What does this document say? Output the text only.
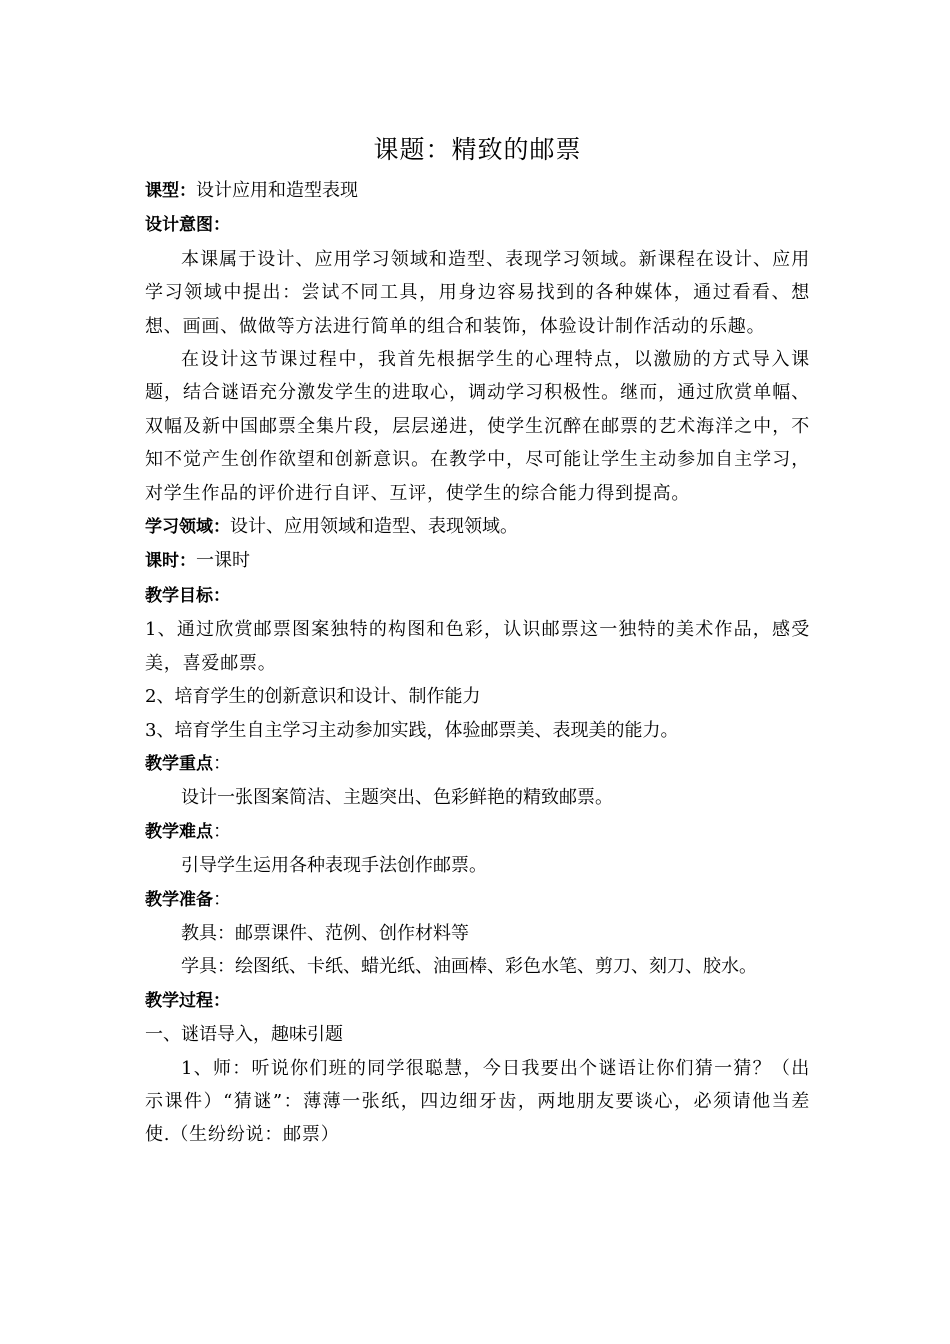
课题：精致的邮票
课型：设计应用和造型表现
设计意图：
本课属于设计、应用学习领域和造型、表现学习领域。新课程在设计、应用学习领域中提出：尝试不同工具，用身边容易找到的各种媒体，通过看看、想想、画画、做做等方法进行简单的组合和装饰，体验设计制作活动的乐趣。
在设计这节课过程中，我首先根据学生的心理特点，以激励的方式导入课题，结合谜语充分激发学生的进取心，调动学习积极性。继而，通过欣赏单幅、双幅及新中国邮票全集片段，层层递进，使学生沉醉在邮票的艺术海洋之中，不知不觉产生创作欲望和创新意识。在教学中，尽可能让学生主动参加自主学习，对学生作品的评价进行自评、互评，使学生的综合能力得到提高。
学习领域：设计、应用领域和造型、表现领域。
课时：一课时
教学目标：
1、通过欣赏邮票图案独特的构图和色彩，认识邮票这一独特的美术作品，感受美，喜爱邮票。
2、培育学生的创新意识和设计、制作能力
3、培育学生自主学习主动参加实践，体验邮票美、表现美的能力。
教学重点：
设计一张图案简洁、主题突出、色彩鲜艳的精致邮票。
教学难点：
引导学生运用各种表现手法创作邮票。
教学准备：
教具：邮票课件、范例、创作材料等
学具：绘图纸、卡纸、蜡光纸、油画棒、彩色水笔、剪刀、刻刀、胶水。
教学过程：
一、谜语导入，趣味引题
1、师：听说你们班的同学很聪慧，今日我要出个谜语让你们猜一猜？（出示课件）“猜谜”：薄薄一张纸，四边细牙齿，两地朋友要谈心，必须请他当差使.（生纷纷说：邮票）
